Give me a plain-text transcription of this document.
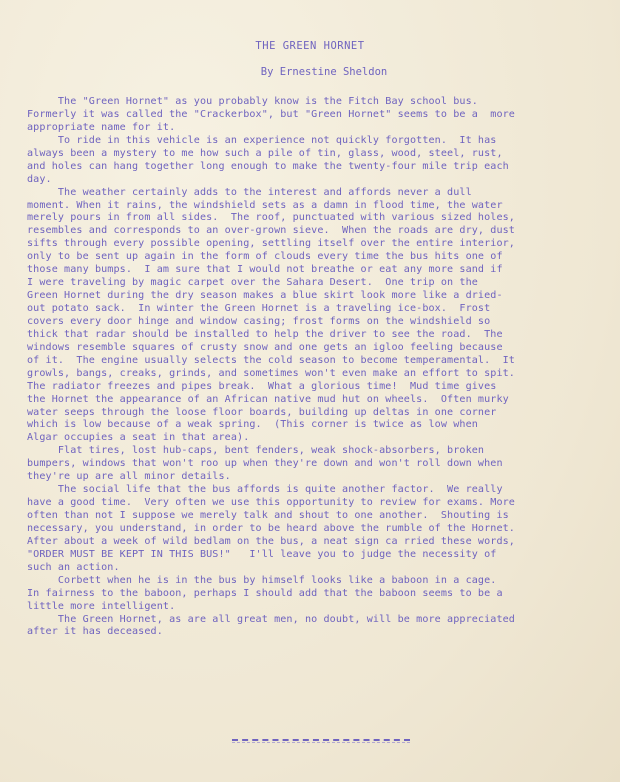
THE GREEN HORNET
By Ernestine Sheldon
The "Green Hornet" as you probably know is the Fitch Bay school bus.
Formerly it was called the "Crackerbox", but "Green Hornet" seems to be a  more
appropriate name for it.
To ride in this vehicle is an experience not quickly forgotten.  It has
always been a mystery to me how such a pile of tin, glass, wood, steel, rust,
and holes can hang together long enough to make the twenty-four mile trip each
day.
The weather certainly adds to the interest and affords never a dull
moment. When it rains, the windshield sets as a damn in flood time, the water
merely pours in from all sides.  The roof, punctuated with various sized holes,
resembles and corresponds to an over-grown sieve.  When the roads are dry, dust
sifts through every possible opening, settling itself over the entire interior,
only to be sent up again in the form of clouds every time the bus hits one of
those many bumps.  I am sure that I would not breathe or eat any more sand if
I were traveling by magic carpet over the Sahara Desert.  One trip on the
Green Hornet during the dry season makes a blue skirt look more like a dried-
out potato sack.  In winter the Green Hornet is a traveling ice-box.  Frost
covers every door hinge and window casing; frost forms on the windshield so
thick that radar should be installed to help the driver to see the road.  The
windows resemble squares of crusty snow and one gets an igloo feeling because
of it.  The engine usually selects the cold season to become temperamental.  It
growls, bangs, creaks, grinds, and sometimes won't even make an effort to spit.
The radiator freezes and pipes break.  What a glorious time!  Mud time gives
the Hornet the appearance of an African native mud hut on wheels.  Often murky
water seeps through the loose floor boards, building up deltas in one corner
which is low because of a weak spring.  (This corner is twice as low when
Algar occupies a seat in that area).
Flat tires, lost hub-caps, bent fenders, weak shock-absorbers, broken
bumpers, windows that won't roo up when they're down and won't roll down when
they're up are all minor details.
The social life that the bus affords is quite another factor.  We really
have a good time.  Very often we use this opportunity to review for exams. More
often than not I suppose we merely talk and shout to one another.  Shouting is
necessary, you understand, in order to be heard above the rumble of the Hornet.
After about a week of wild bedlam on the bus, a neat sign ca rried these words,
"ORDER MUST BE KEPT IN THIS BUS!"   I'll leave you to judge the necessity of
such an action.
Corbett when he is in the bus by himself looks like a baboon in a cage.
In fairness to the baboon, perhaps I should add that the baboon seems to be a
little more intelligent.
The Green Hornet, as are all great men, no doubt, will be more appreciated
after it has deceased.
